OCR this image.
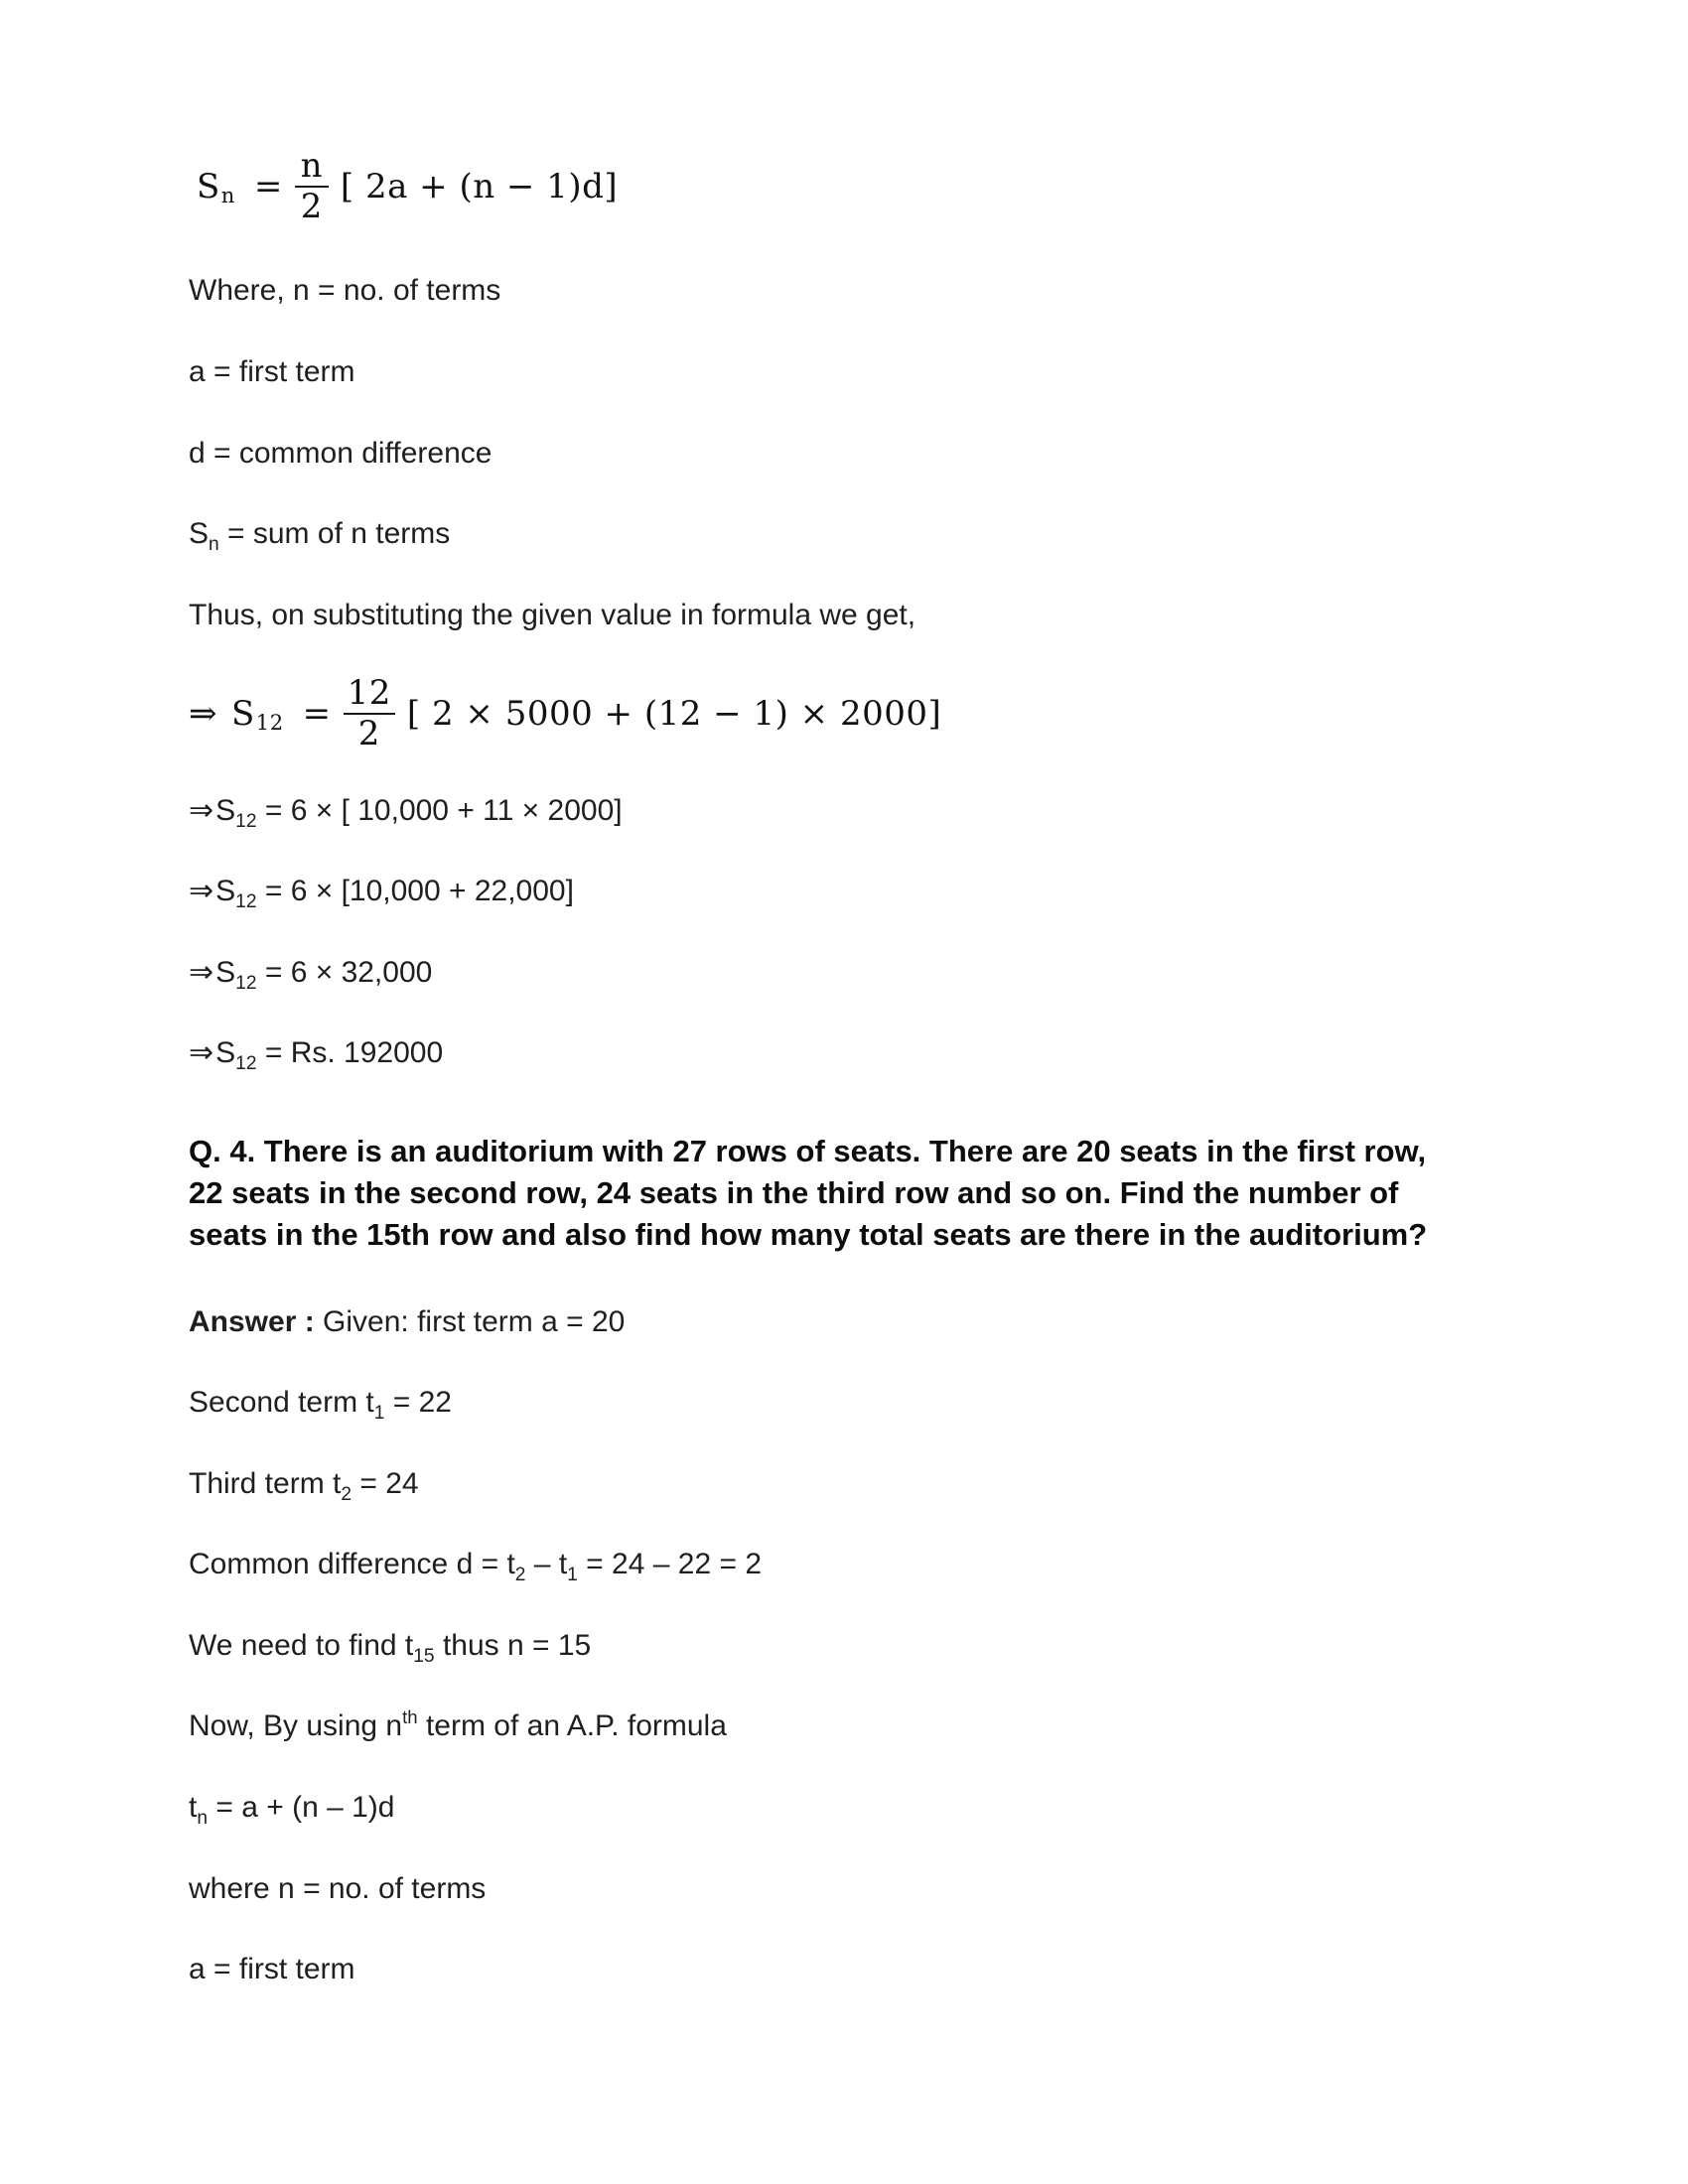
S $n = \frac{n}{2}$ [ 2a + (n − 1)d]

Where, n = no. of terms

a = first term

d = common difference

$S_n$ = sum of n terms

Thus, on substituting the given value in formula we get,

⇒ S $12 = \frac{12}{2}$ [ 2 × 5000 + (12 − 1) × 2000]

$\Rightarrow S_{12} = 6$ × [ 10,000 + 11 × 2000]

$\Rightarrow S_{12} = 6 \times [10,000 + 22,000]$

$\Rightarrow S_{12} = 6 \times 32,000$

$\Rightarrow S_{12} = Rs$. 192000

Q. 4. There is an auditorium with 27 rows of seats. There are 20 seats in the first row, 22 seats in the second row, 24 seats in the third row and so on. Find the number of seats in the 15th row and also find how many total seats are there in the auditorium?

Answer : Given: first term a = 20

Second term $t_1 = 22$

Third term $t_2 = 24$

Common difference $d = t_2 - t_1 = 24 - 22 = 2$

We need to find $t_{15}$ thus n = 15

Now, By using $n^{th}$ term of an A.P. formula

$t_n = a + (n - 1)d$

where n = no. of terms

a = first term
